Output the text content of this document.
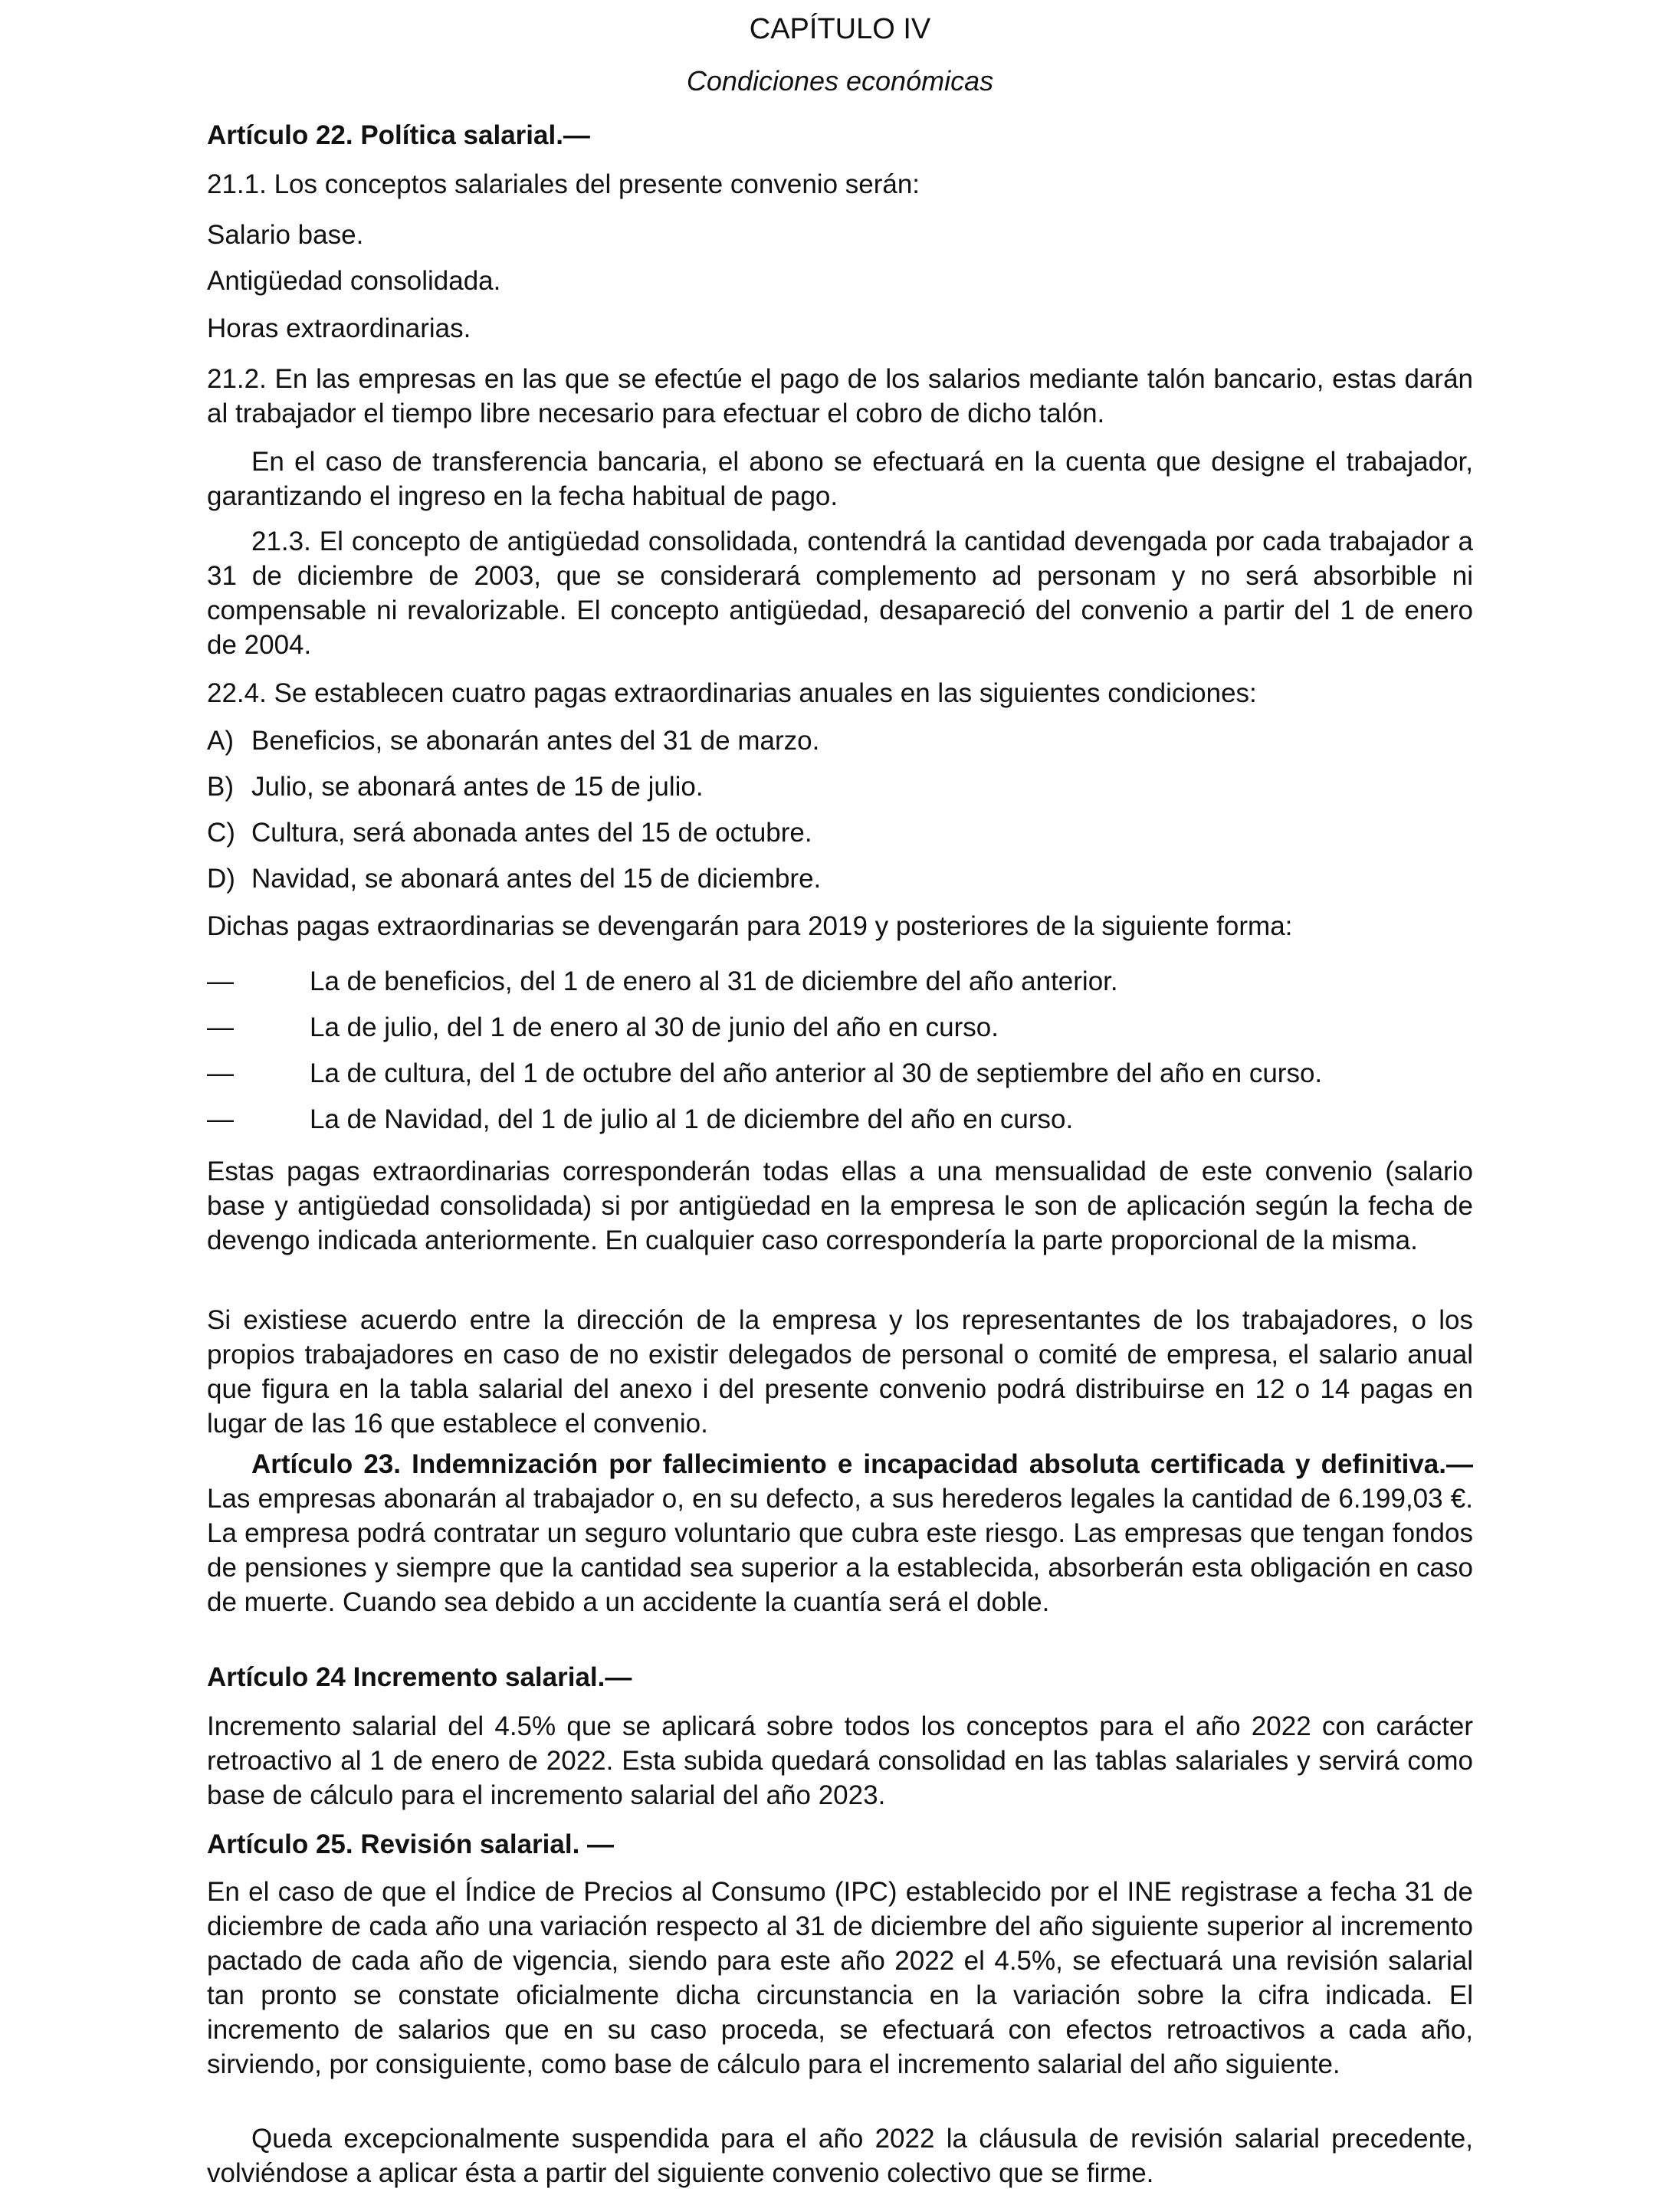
CAPÍTULO IV
Condiciones económicas
Artículo 22. Política salarial.—
21.1. Los conceptos salariales del presente convenio serán:
Salario base.
Antigüedad consolidada.
Horas extraordinarias.

21.2. En las empresas en las que se efectúe el pago de los salarios mediante talón bancario, estas darán al trabajador el tiempo libre necesario para efectuar el cobro de dicho talón.

En el caso de transferencia bancaria, el abono se efectuará en la cuenta que designe el trabajador, garantizando el ingreso en la fecha habitual de pago.

21.3. El concepto de antigüedad consolidada, contendrá la cantidad devengada por cada trabajador a 31 de diciembre de 2003, que se considerará complemento ad personam y no será absorbible ni compensable ni revalorizable. El concepto antigüedad, desapareció del convenio a partir del 1 de enero de 2004.

22.4. Se establecen cuatro pagas extraordinarias anuales en las siguientes condiciones:
A) Beneficios, se abonarán antes del 31 de marzo.
B) Julio, se abonará antes de 15 de julio.
C) Cultura, será abonada antes del 15 de octubre.
D) Navidad, se abonará antes del 15 de diciembre.
Dichas pagas extraordinarias se devengarán para 2019 y posteriores de la siguiente forma:
—	La de beneficios, del 1 de enero al 31 de diciembre del año anterior.
—	La de julio, del 1 de enero al 30 de junio del año en curso.
—	La de cultura, del 1 de octubre del año anterior al 30 de septiembre del año en curso.
—	La de Navidad, del 1 de julio al 1 de diciembre del año en curso.

Estas pagas extraordinarias corresponderán todas ellas a una mensualidad de este convenio (salario base y antigüedad consolidada) si por antigüedad en la empresa le son de aplicación según la fecha de devengo indicada anteriormente. En cualquier caso correspondería la parte proporcional de la misma.

Si existiese acuerdo entre la dirección de la empresa y los representantes de los trabajadores, o los propios trabajadores en caso de no existir delegados de personal o comité de empresa, el salario anual que figura en la tabla salarial del anexo i del presente convenio podrá distribuirse en 12 o 14 pagas en lugar de las 16 que establece el convenio.

Artículo 23. Indemnización por fallecimiento e incapacidad absoluta certificada y definitiva.— Las empresas abonarán al trabajador o, en su defecto, a sus herederos legales la cantidad de 6.199,03 €. La empresa podrá contratar un seguro voluntario que cubra este riesgo. Las empresas que tengan fondos de pensiones y siempre que la cantidad sea superior a la establecida, absorberán esta obligación en caso de muerte. Cuando sea debido a un accidente la cuantía será el doble.

Artículo 24 Incremento salarial.—

Incremento salarial del 4.5% que se aplicará sobre todos los conceptos para el año 2022 con carácter retroactivo al 1 de enero de 2022. Esta subida quedará consolidad en las tablas salariales y servirá como base de cálculo para el incremento salarial del año 2023.

Artículo 25. Revisión salarial. —

En el caso de que el Índice de Precios al Consumo (IPC) establecido por el INE registrase a fecha 31 de diciembre de cada año una variación respecto al 31 de diciembre del año siguiente superior al incremento pactado de cada año de vigencia, siendo para este año 2022 el 4.5%, se efectuará una revisión salarial tan pronto se constate oficialmente dicha circunstancia en la variación sobre la cifra indicada. El incremento de salarios que en su caso proceda, se efectuará con efectos retroactivos a cada año, sirviendo, por consiguiente, como base de cálculo para el incremento salarial del año siguiente.

Queda excepcionalmente suspendida para el año 2022 la cláusula de revisión salarial precedente, volviéndose a aplicar ésta a partir del siguiente convenio colectivo que se firme.
